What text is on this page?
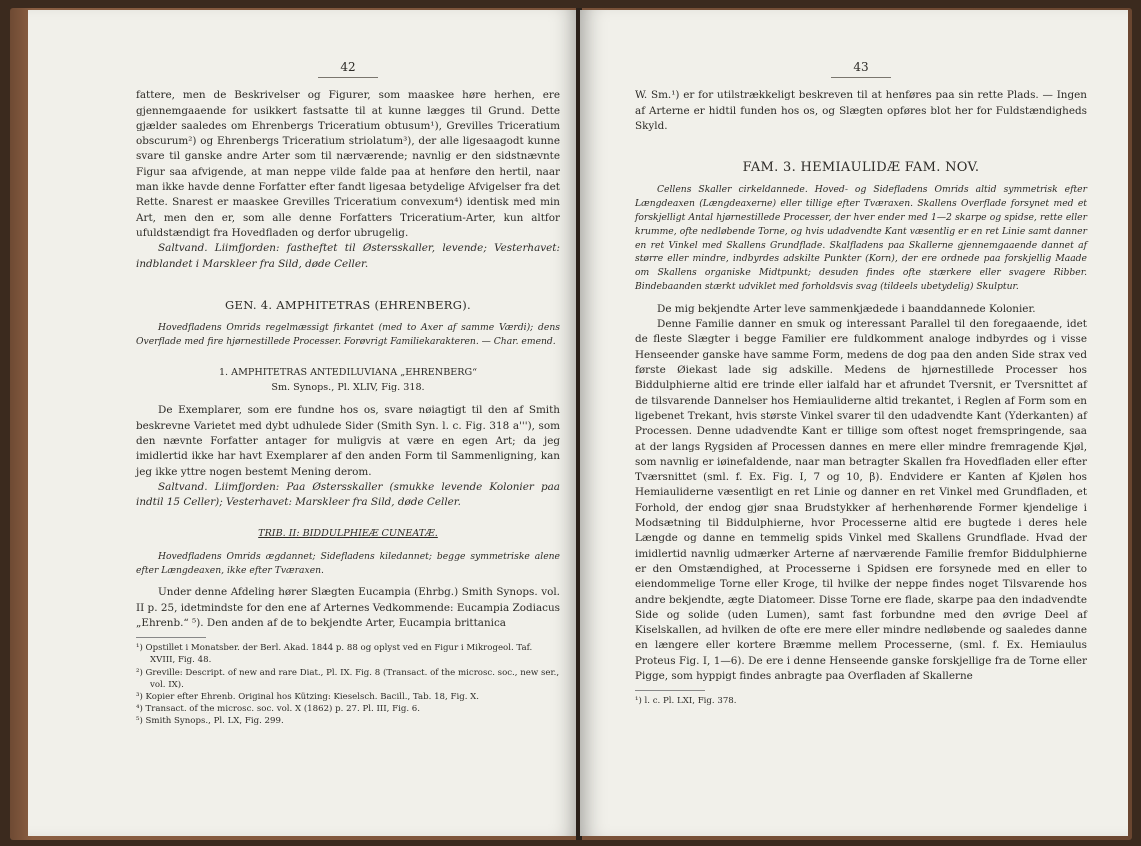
42

fattere, men de Beskrivelser og Figurer, som maaskee høre herhen, ere gjennemgaaende for usikkert fastsatte til at kunne lægges til Grund. Dette gjælder saaledes om Ehrenbergs Triceratium obtusum¹), Grevilles Triceratium obscurum²) og Ehrenbergs Triceratium striolatum³), der alle ligesaagodt kunne svare til ganske andre Arter som til nærværende; navnlig er den sidstnævnte Figur saa afvigende, at man neppe vilde falde paa at henføre den hertil, naar man ikke havde denne Forfatter efter fandt ligesaa betydelige Afvigelser fra det Rette. Snarest er maaskee Grevilles Triceratium convexum⁴) identisk med min Art, men den er, som alle denne Forfatters Triceratium-Arter, kun altfor ufuldstændigt fra Hovedfladen og derfor ubrugelig.

Saltvand. Liimfjorden: fastheftet til Østersskaller, levende; Vesterhavet: indblandet i Marskleer fra Sild, døde Celler.

GEN. 4. AMPHITETRAS (EHRENBERG).

Hovedfladens Omrids regelmæssigt firkantet (med to Axer af samme Værdi); dens Overflade med fire hjørnestillede Processer. Forøvrigt Familiekarakteren. — Char. emend.

1. AMPHITETRAS ANTEDILUVIANA „EHRENBERG“
Sm. Synops., Pl. XLIV, Fig. 318.

De Exemplarer, som ere fundne hos os, svare nøiagtigt til den af Smith beskrevne Varietet med dybt udhulede Sider (Smith Syn. l. c. Fig. 318 a'''), som den nævnte Forfatter antager for muligvis at være en egen Art; da jeg imidlertid ikke har havt Exemplarer af den anden Form til Sammenligning, kan jeg ikke yttre nogen bestemt Mening derom.

Saltvand. Liimfjorden: Paa Østersskaller (smukke levende Kolonier paa indtil 15 Celler); Vesterhavet: Marskleer fra Sild, døde Celler.

TRIB. II: BIDDULPHIEÆ CUNEATÆ.

Hovedfladens Omrids ægdannet; Sidefladens kiledannet; begge symmetriske alene efter Længdeaxen, ikke efter Tværaxen.

Under denne Afdeling hører Slægten Eucampia (Ehrbg.) Smith Synops. vol. II p. 25, idetmindste for den ene af Arternes Vedkommende: Eucampia Zodiacus „Ehrenb.“ ⁵). Den anden af de to bekjendte Arter, Eucampia brittanica

¹) Opstillet i Monatsber. der Berl. Akad. 1844 p. 88 og oplyst ved en Figur i Mikrogeol. Taf. XVIII, Fig. 48.
²) Greville: Descript. of new and rare Diat., Pl. IX. Fig. 8 (Transact. of the microsc. soc., new ser., vol. IX).
³) Kopier efter Ehrenb. Original hos Kützing: Kieselsch. Bacill., Tab. 18, Fig. X.
⁴) Transact. of the microsc. soc. vol. X (1862) p. 27. Pl. III, Fig. 6.
⁵) Smith Synops., Pl. LX, Fig. 299.
43

W. Sm.¹) er for utilstrækkeligt beskreven til at henføres paa sin rette Plads. — Ingen af Arterne er hidtil funden hos os, og Slægten opføres blot her for Fuldstændigheds Skyld.

FAM. 3. HEMIAULIDÆ FAM. NOV.

Cellens Skaller cirkeldannede. Hoved- og Sidefladens Omrids altid symmetrisk efter Længdeaxen (Længdeaxerne) eller tillige efter Tværaxen. Skallens Overflade forsynet med et forskjelligt Antal hjørnestillede Processer, der hver ender med 1—2 skarpe og spidse, rette eller krumme, ofte nedløbende Torne, og hvis udadvendte Kant væsentlig er en ret Linie samt danner en ret Vinkel med Skallens Grundflade. Skalfladens paa Skallerne gjennemgaaende dannet af større eller mindre, indbyrdes adskilte Punkter (Korn), der ere ordnede paa forskjellig Maade om Skallens organiske Midtpunkt; desuden findes ofte stærkere eller svagere Ribber. Bindebaanden stærkt udviklet med forholdsvis svag (tildeels ubetydelig) Skulptur.

De mig bekjendte Arter leve sammenkjædede i baanddannede Kolonier.

Denne Familie danner en smuk og interessant Parallel til den foregaaende, idet de fleste Slægter i begge Familier ere fuldkomment analoge indbyrdes og i visse Henseender ganske have samme Form, medens de dog paa den anden Side strax ved første Øiekast lade sig adskille. Medens de hjørnestillede Processer hos Biddulphierne altid ere trinde eller ialfald har et afrundet Tversnit, er Tversnittet af de tilsvarende Dannelser hos Hemiauliderne altid trekantet, i Reglen af Form som en ligebenet Trekant, hvis største Vinkel svarer til den udadvendte Kant (Yderkanten) af Processen. Denne udadvendte Kant er tillige som oftest noget fremspringende, saa at der langs Rygsiden af Processen dannes en mere eller mindre fremragende Kjøl, som navnlig er iøinefaldende, naar man betragter Skallen fra Hovedfladen eller efter Tværsnittet (sml. f. Ex. Fig. I, 7 og 10, β). Endvidere er Kanten af Kjølen hos Hemiauliderne væsentligt en ret Linie og danner en ret Vinkel med Grundfladen, et Forhold, der endog gjør snaa Brudstykker af herhenhørende Former kjendelige i Modsætning til Biddulphierne, hvor Processerne altid ere bugtede i deres hele Længde og danne en temmelig spids Vinkel med Skallens Grundflade. Hvad der imidlertid navnlig udmærker Arterne af nærværende Familie fremfor Biddulphierne er den Omstændighed, at Processerne i Spidsen ere forsynede med en eller to eiendommelige Torne eller Kroge, til hvilke der neppe findes noget Tilsvarende hos andre bekjendte, ægte Diatomeer. Disse Torne ere flade, skarpe paa den indadvendte Side og solide (uden Lumen), samt fast forbundne med den øvrige Deel af Kiselskallen, ad hvilken de ofte ere mere eller mindre nedløbende og saaledes danne en længere eller kortere Bræmme mellem Processerne, (sml. f. Ex. Hemiaulus Proteus Fig. I, 1—6). De ere i denne Henseende ganske forskjellige fra de Torne eller Pigge, som hyppigt findes anbragte paa Overfladen af Skallerne

¹) l. c. Pl. LXI, Fig. 378.
